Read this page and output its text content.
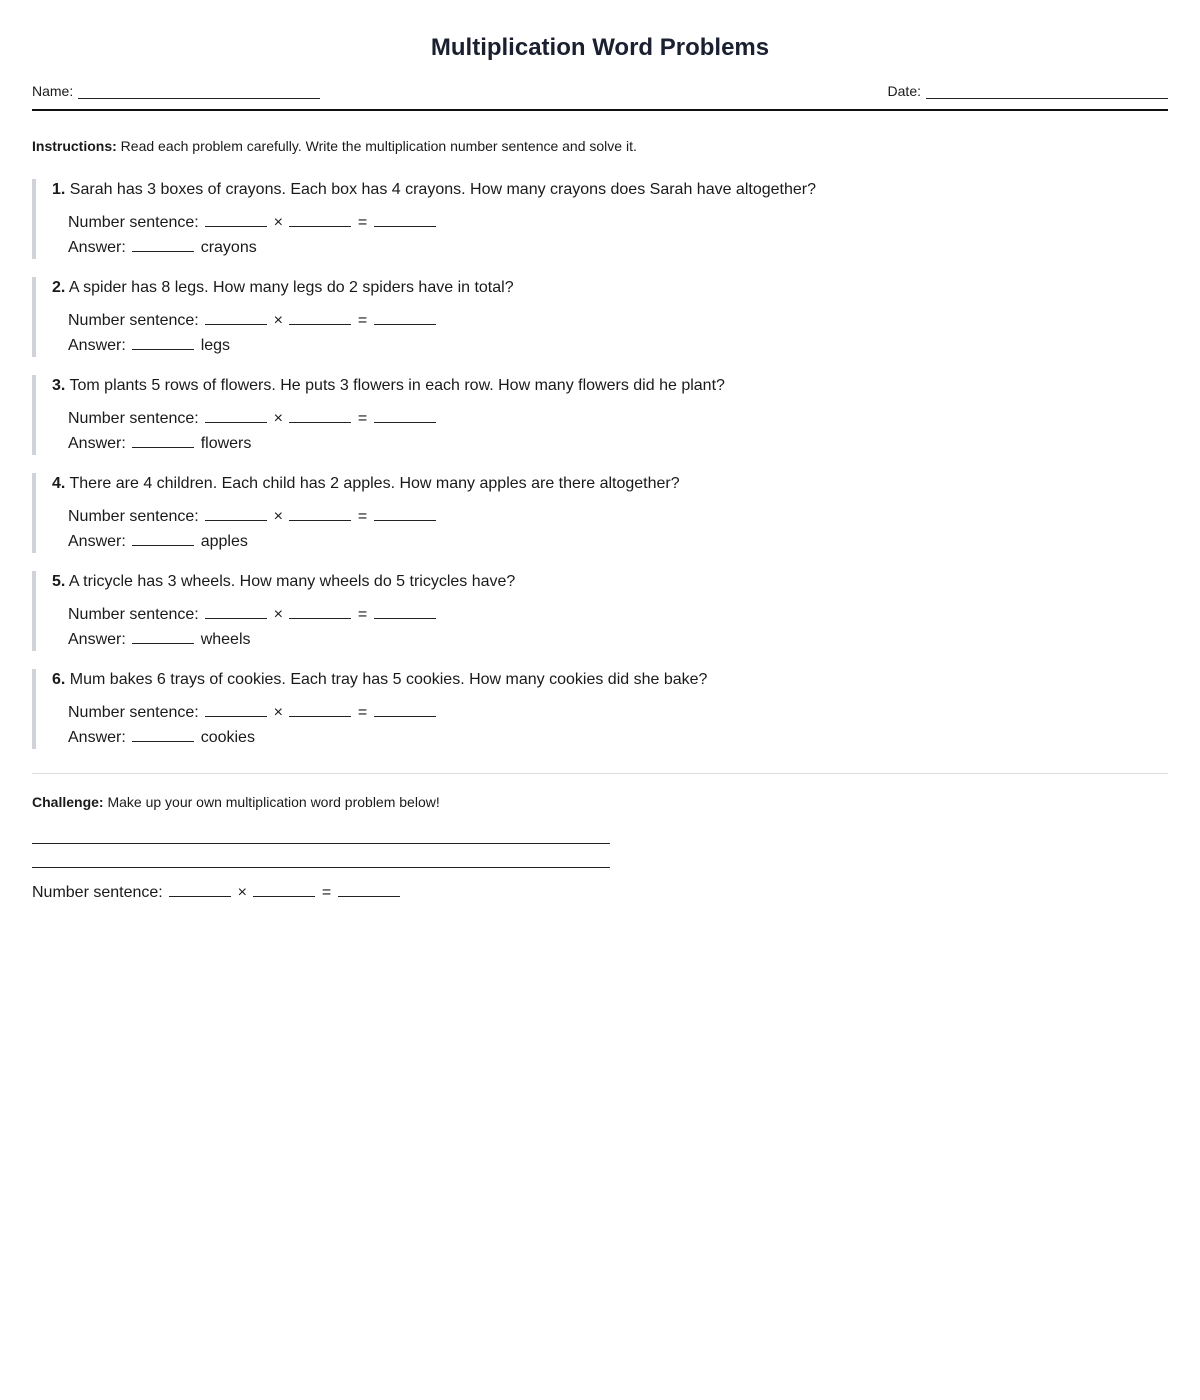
Multiplication Word Problems
Name:	Date:
Instructions: Read each problem carefully. Write the multiplication number sentence and solve it.
1. Sarah has 3 boxes of crayons. Each box has 4 crayons. How many crayons does Sarah have altogether?
Number sentence:	×	=
Answer:	crayons
2. A spider has 8 legs. How many legs do 2 spiders have in total?
Number sentence:	×	=
Answer:	legs
3. Tom plants 5 rows of flowers. He puts 3 flowers in each row. How many flowers did he plant?
Number sentence:	×	=
Answer:	flowers
4. There are 4 children. Each child has 2 apples. How many apples are there altogether?
Number sentence:	×	=
Answer:	apples
5. A tricycle has 3 wheels. How many wheels do 5 tricycles have?
Number sentence:	×	=
Answer:	wheels
6. Mum bakes 6 trays of cookies. Each tray has 5 cookies. How many cookies did she bake?
Number sentence:	×	=
Answer:	cookies
Challenge: Make up your own multiplication word problem below!
Number sentence:	×	=
